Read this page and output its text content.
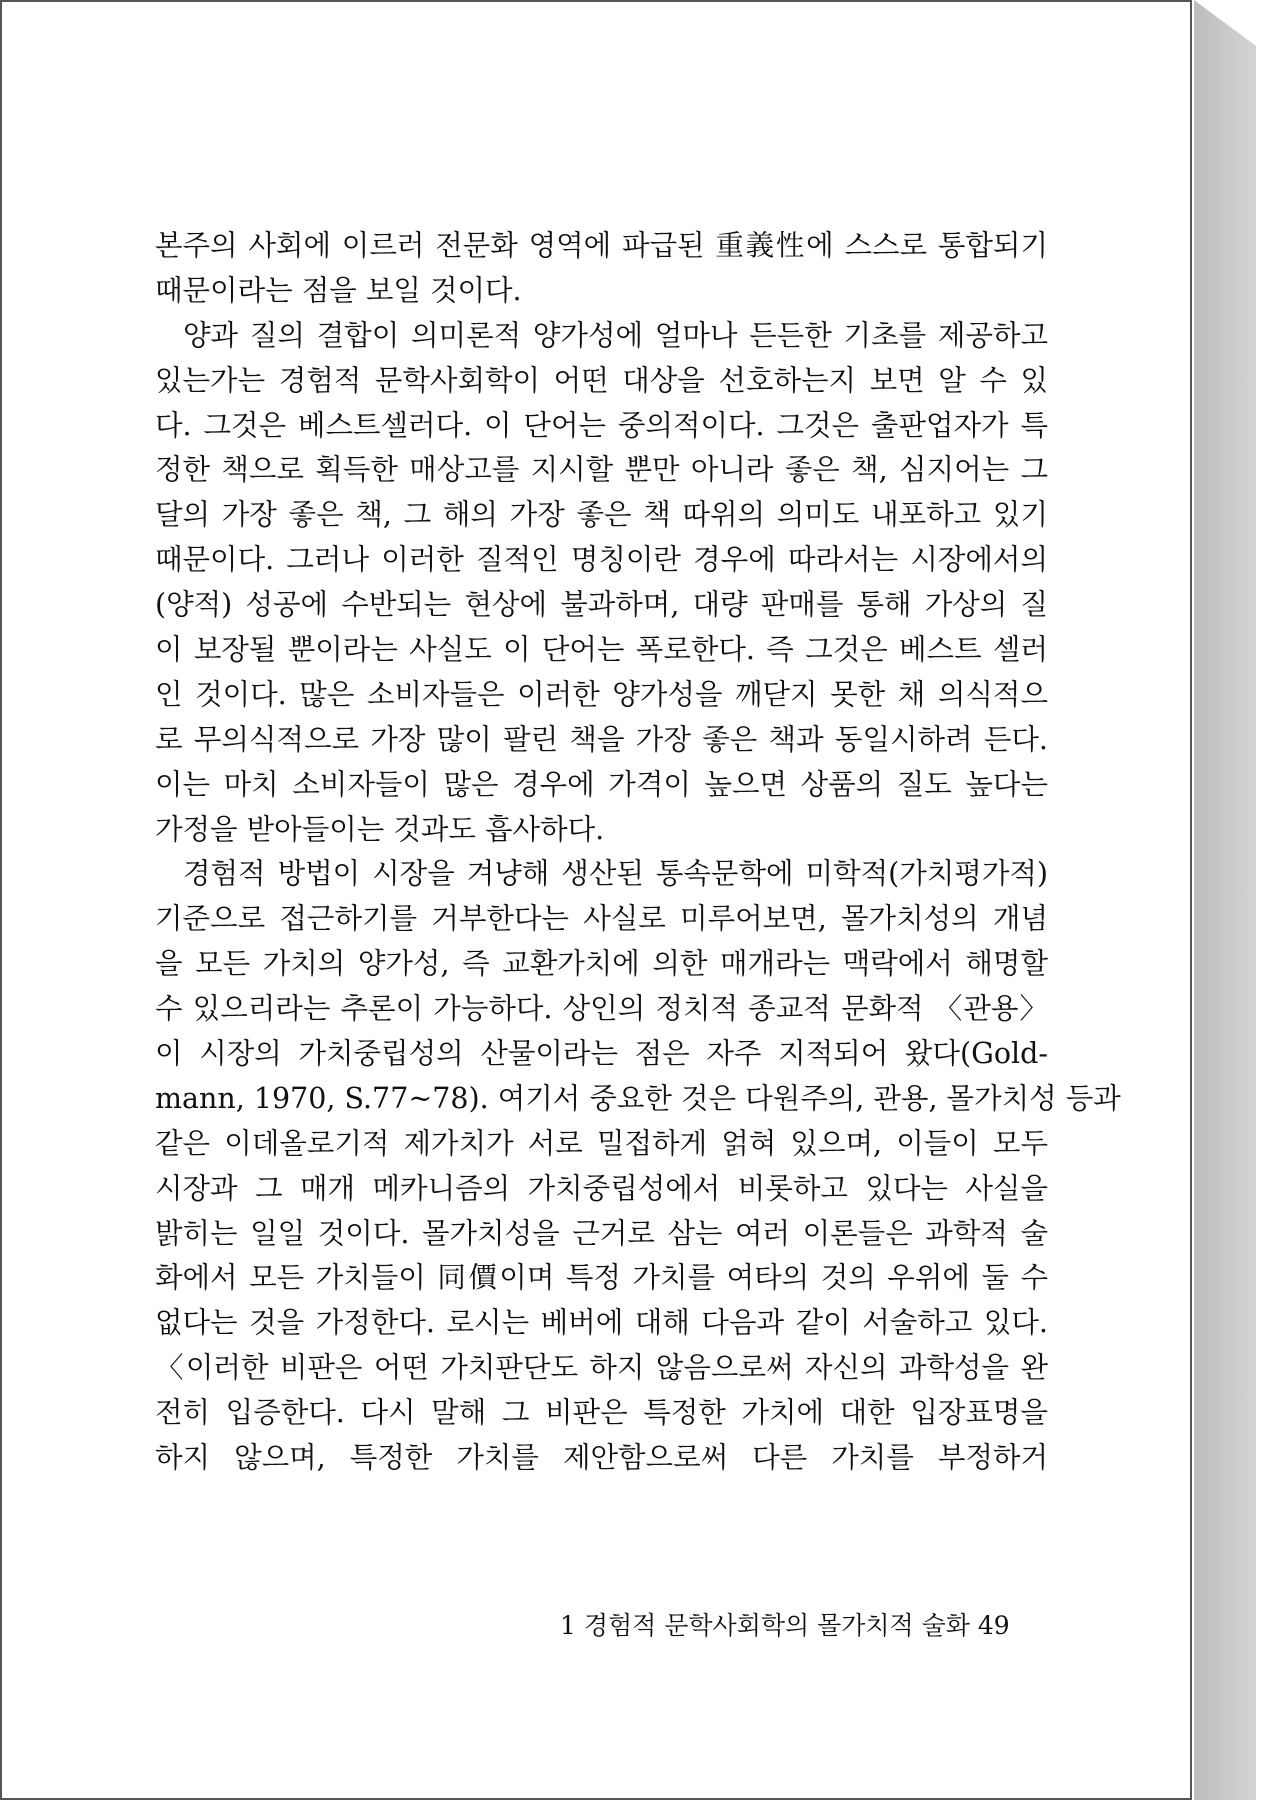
본주의 사회에 이르러 전문화 영역에 파급된 重義性에 스스로 통합되기
때문이라는 점을 보일 것이다.
양과 질의 결합이 의미론적 양가성에 얼마나 든든한 기초를 제공하고
있는가는 경험적 문학사회학이 어떤 대상을 선호하는지 보면 알 수 있
다. 그것은 베스트셀러다. 이 단어는 중의적이다. 그것은 출판업자가 특
정한 책으로 획득한 매상고를 지시할 뿐만 아니라 좋은 책, 심지어는 그
달의 가장 좋은 책, 그 해의 가장 좋은 책 따위의 의미도 내포하고 있기
때문이다. 그러나 이러한 질적인 명칭이란 경우에 따라서는 시장에서의
(양적) 성공에 수반되는 현상에 불과하며, 대량 판매를 통해 가상의 질
이 보장될 뿐이라는 사실도 이 단어는 폭로한다. 즉 그것은 베스트 셀러
인 것이다. 많은 소비자들은 이러한 양가성을 깨닫지 못한 채 의식적으
로 무의식적으로 가장 많이 팔린 책을 가장 좋은 책과 동일시하려 든다.
이는 마치 소비자들이 많은 경우에 가격이 높으면 상품의 질도 높다는
가정을 받아들이는 것과도 흡사하다.
경험적 방법이 시장을 겨냥해 생산된 통속문학에 미학적(가치평가적)
기준으로 접근하기를 거부한다는 사실로 미루어보면, 몰가치성의 개념
을 모든 가치의 양가성, 즉 교환가치에 의한 매개라는 맥락에서 해명할
수 있으리라는 추론이 가능하다. 상인의 정치적 종교적 문화적 〈관용〉
이 시장의 가치중립성의 산물이라는 점은 자주 지적되어 왔다(Gold-
mann, 1970, S.77~78). 여기서 중요한 것은 다원주의, 관용, 몰가치성 등과
같은 이데올로기적 제가치가 서로 밀접하게 얽혀 있으며, 이들이 모두
시장과 그 매개 메카니즘의 가치중립성에서 비롯하고 있다는 사실을
밝히는 일일 것이다. 몰가치성을 근거로 삼는 여러 이론들은 과학적 술
화에서 모든 가치들이 同價이며 특정 가치를 여타의 것의 우위에 둘 수
없다는 것을 가정한다. 로시는 베버에 대해 다음과 같이 서술하고 있다.
〈이러한 비판은 어떤 가치판단도 하지 않음으로써 자신의 과학성을 완
전히 입증한다. 다시 말해 그 비판은 특정한 가치에 대한 입장표명을
하지 않으며, 특정한 가치를 제안함으로써 다른 가치를 부정하거
1 경험적 문학사회학의 몰가치적 술화 49
